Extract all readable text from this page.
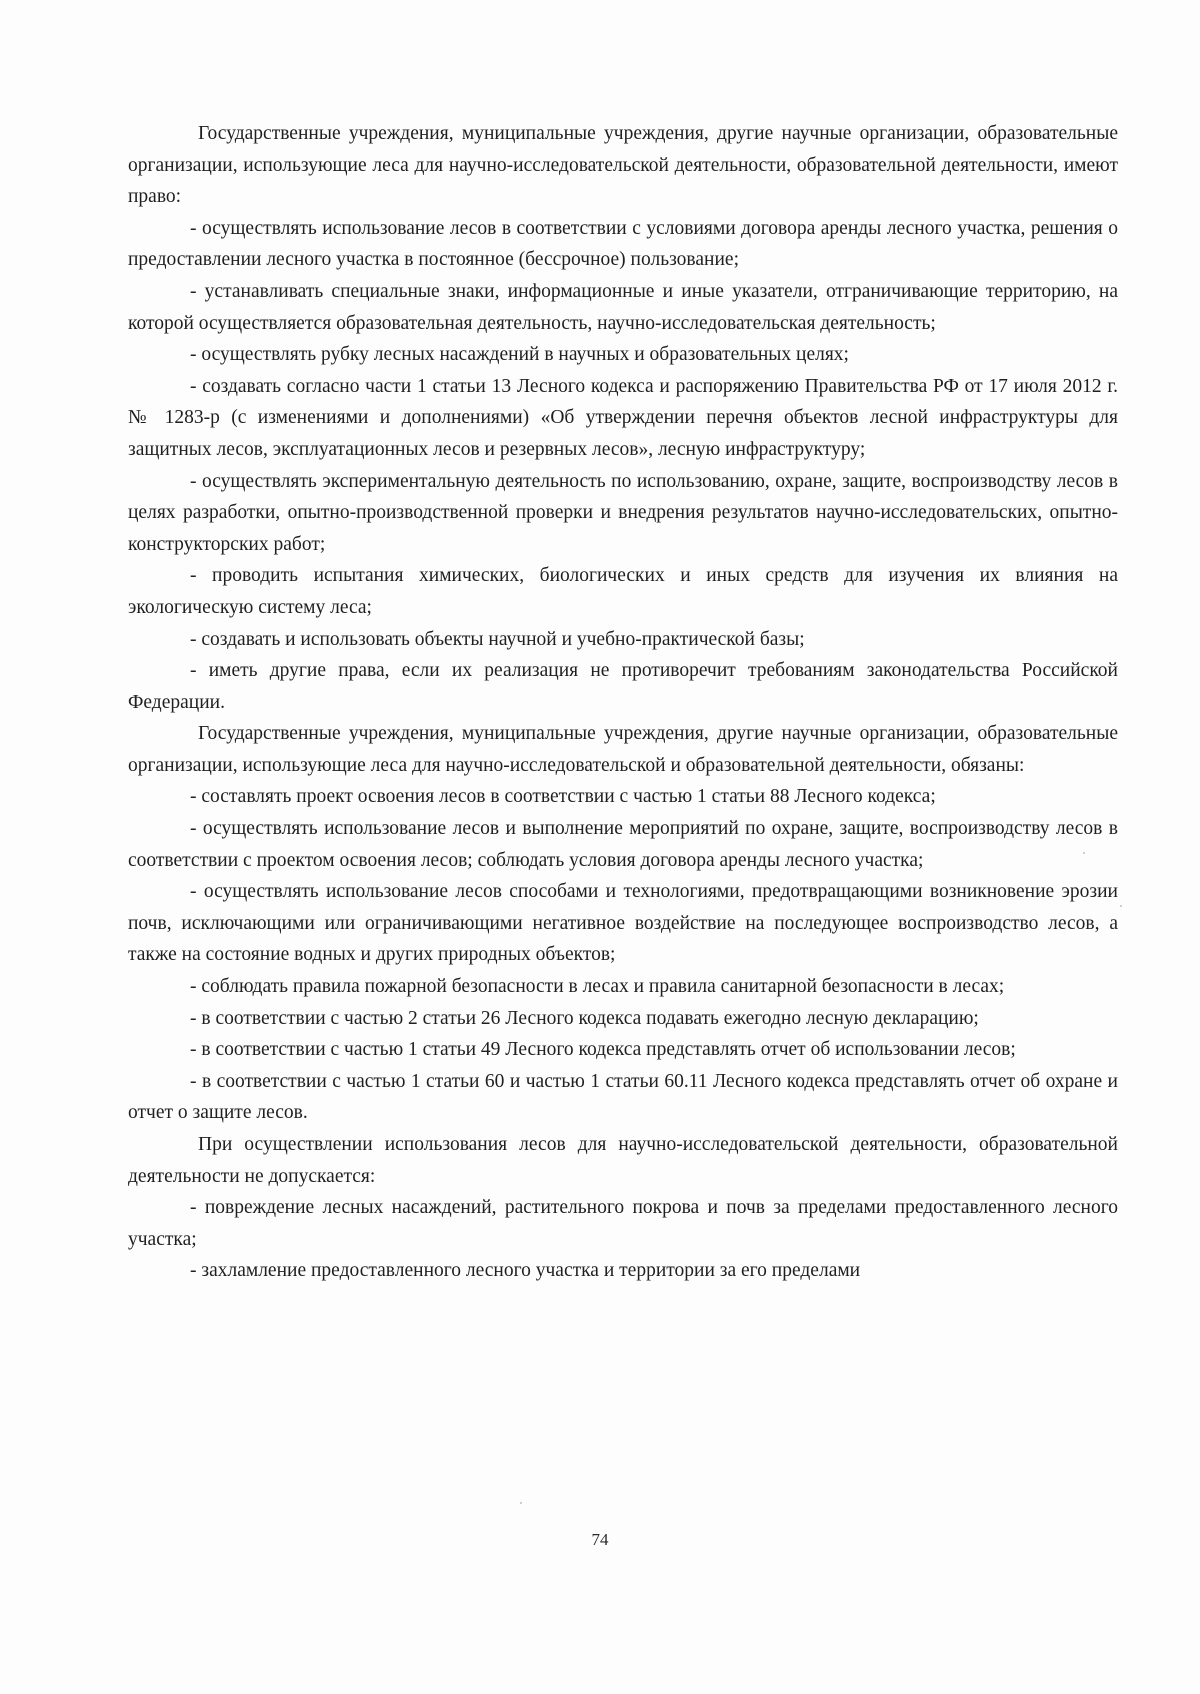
Государственные учреждения, муниципальные учреждения, другие научные организации, образовательные организации, использующие леса для научно-исследовательской деятельности, образовательной деятельности, имеют право:

- осуществлять использование лесов в соответствии с условиями договора аренды лесного участка, решения о предоставлении лесного участка в постоянное (бессрочное) пользование;

- устанавливать специальные знаки, информационные и иные указатели, отграничивающие территорию, на которой осуществляется образовательная деятельность, научно-исследовательская деятельность;

- осуществлять рубку лесных насаждений в научных и образовательных целях;

- создавать согласно части 1 статьи 13 Лесного кодекса и распоряжению Правительства РФ от 17 июля 2012 г. № 1283-р (с изменениями и дополнениями) «Об утверждении перечня объектов лесной инфраструктуры для защитных лесов, эксплуатационных лесов и резервных лесов», лесную инфраструктуру;

- осуществлять экспериментальную деятельность по использованию, охране, защите, воспроизводству лесов в целях разработки, опытно-производственной проверки и внедрения результатов научно-исследовательских, опытно-конструкторских работ;

- проводить испытания химических, биологических и иных средств для изучения их влияния на экологическую систему леса;

- создавать и использовать объекты научной и учебно-практической базы;

- иметь другие права, если их реализация не противоречит требованиям законодательства Российской Федерации.

Государственные учреждения, муниципальные учреждения, другие научные организации, образовательные организации, использующие леса для научно-исследовательской и образовательной деятельности, обязаны:

- составлять проект освоения лесов в соответствии с частью 1 статьи 88 Лесного кодекса;

- осуществлять использование лесов и выполнение мероприятий по охране, защите, воспроизводству лесов в соответствии с проектом освоения лесов; соблюдать условия договора аренды лесного участка;

- осуществлять использование лесов способами и технологиями, предотвращающими возникновение эрозии почв, исключающими или ограничивающими негативное воздействие на последующее воспроизводство лесов, а также на состояние водных и других природных объектов;

- соблюдать правила пожарной безопасности в лесах и правила санитарной безопасности в лесах;

- в соответствии с частью 2 статьи 26 Лесного кодекса подавать ежегодно лесную декларацию;

- в соответствии с частью 1 статьи 49 Лесного кодекса представлять отчет об использовании лесов;

- в соответствии с частью 1 статьи 60 и частью 1 статьи 60.11 Лесного кодекса представлять отчет об охране и отчет о защите лесов.

При осуществлении использования лесов для научно-исследовательской деятельности, образовательной деятельности не допускается:

- повреждение лесных насаждений, растительного покрова и почв за пределами предоставленного лесного участка;

- захламление предоставленного лесного участка и территории за его пределами

74
